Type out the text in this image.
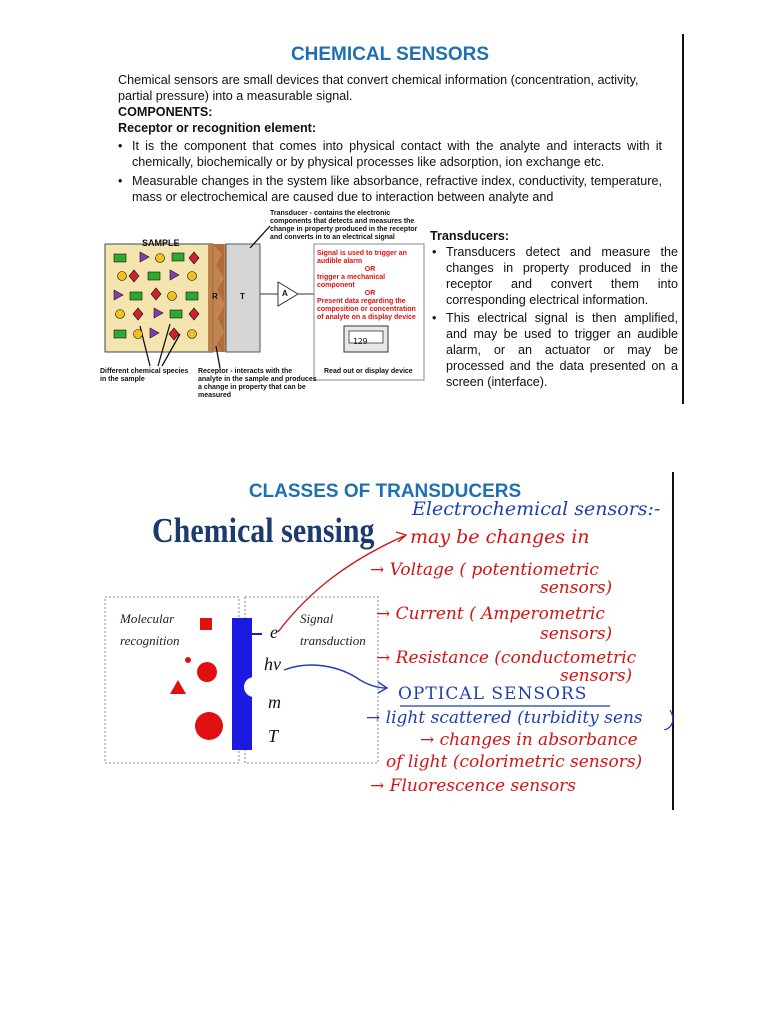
CHEMICAL SENSORS
Chemical sensors are small devices that convert chemical information (concentration, activity,
partial pressure) into a measurable signal.
COMPONENTS:
Receptor or recognition element:
• It is the component that comes into physical contact with the analyte and interacts with it chemically, biochemically or by physical processes like adsorption, ion exchange etc.
• Measurable changes in the system like absorbance, refractive index, conductivity, temperature, mass or electrochemical are caused due to interaction between analyte and
SAMPLE
R	T	A
Transducer - contains the electronic components that detects and measures the change in property produced in the receptor and converts in to an electrical signal
Signal is used to trigger an audible alarm
OR
trigger a mechanical component
OR
Present data regarding the composition or concentration of analyte on a display device
129
Read out or display device
Different chemical species in the sample
Receptor - interacts with the analyte in the sample and produces a change in property that can be measured
Transducers:
• Transducers detect and measure the changes in property produced in the receptor and convert them into corresponding electrical information.
• This electrical signal is then amplified, and may be used to trigger an audible alarm, or an actuator or may be processed and the data presented on a screen (interface).
CLASSES OF TRANSDUCERS
Chemical sensing
Molecular recognition
Signal transduction
e
hv
m
T
Electrochemical sensors:-
may be changes in
→ Voltage ( potentiometric
sensors)
→ Current ( Amperometric
sensors)
→ Resistance (conductometric
sensors)
OPTICAL SENSORS
→ light scattered (turbidity sens
→ changes in absorbance
of light (colorimetric sensors)
→ Fluorescence sensors
